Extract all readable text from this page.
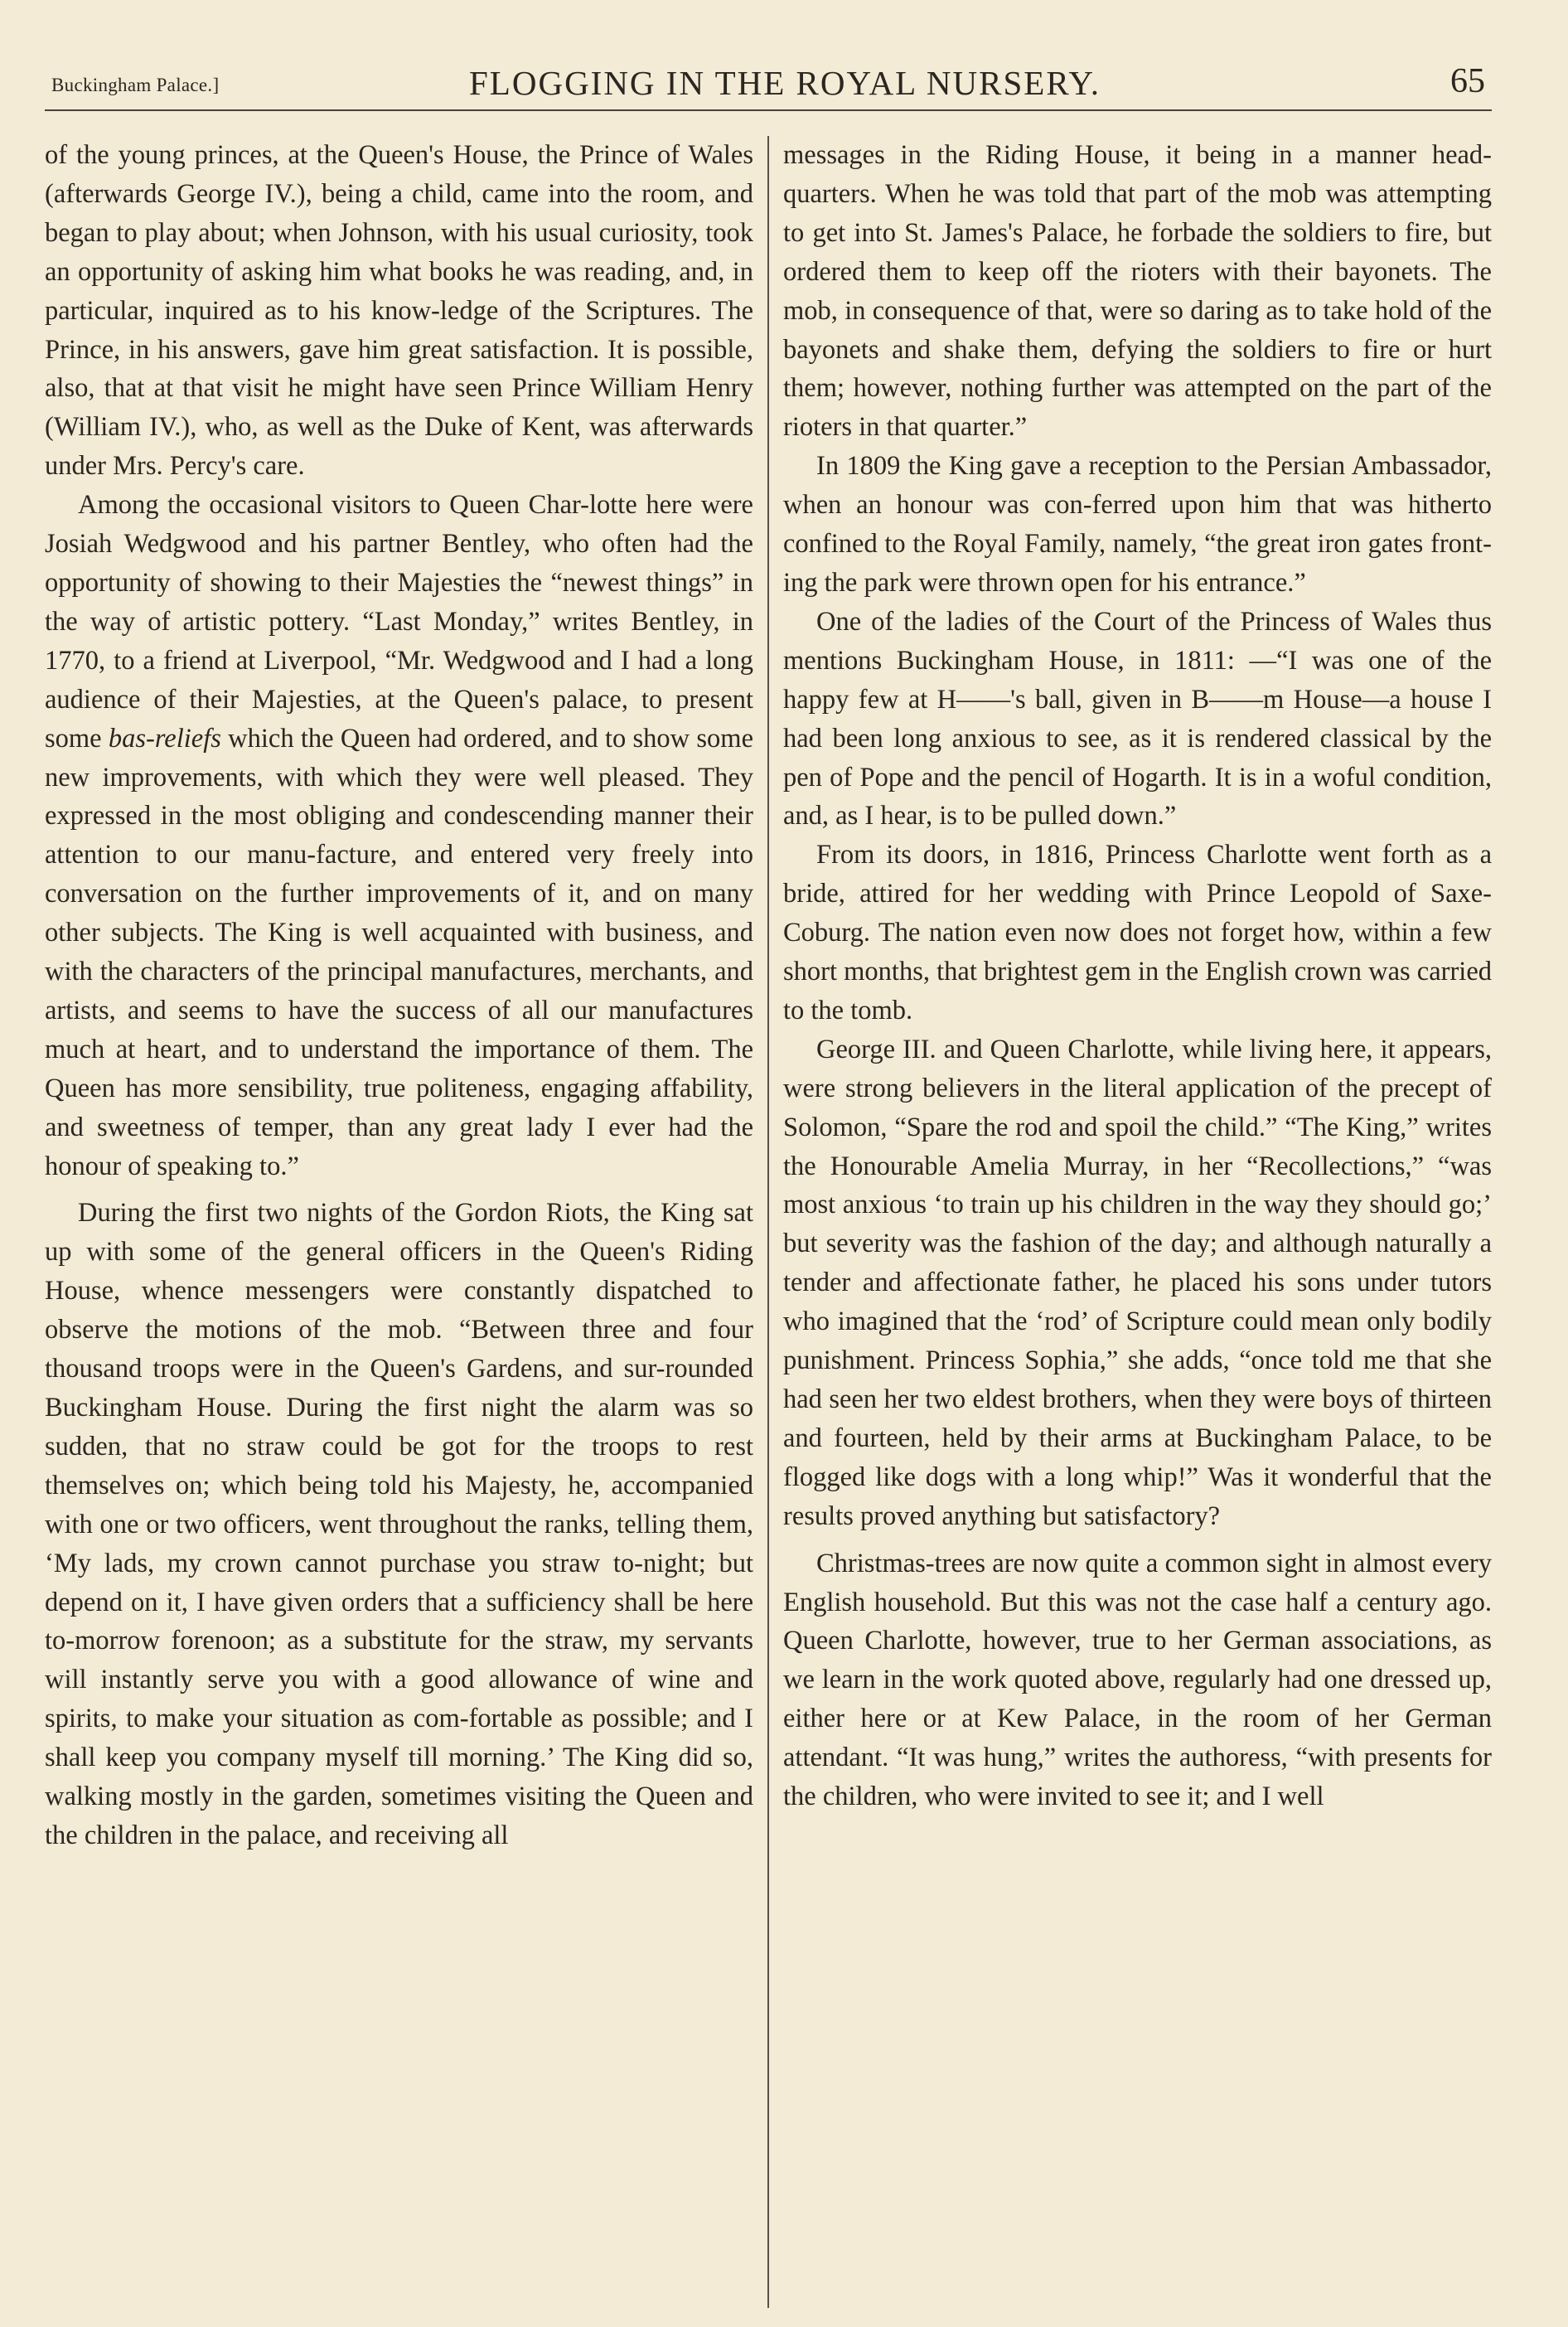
Buckingham Palace.]	FLOGGING IN THE ROYAL NURSERY.	65

of the young princes, at the Queen's House, the Prince of Wales (afterwards George IV.), being a child, came into the room, and began to play about; when Johnson, with his usual curiosity, took an opportunity of asking him what books he was reading, and, in particular, inquired as to his know-ledge of the Scriptures. The Prince, in his answers, gave him great satisfaction. It is possible, also, that at that visit he might have seen Prince William Henry (William IV.), who, as well as the Duke of Kent, was afterwards under Mrs. Percy's care.

Among the occasional visitors to Queen Char-lotte here were Josiah Wedgwood and his partner Bentley, who often had the opportunity of showing to their Majesties the “newest things” in the way of artistic pottery. “Last Monday,” writes Bentley, in 1770, to a friend at Liverpool, “Mr. Wedgwood and I had a long audience of their Majesties, at the Queen's palace, to present some bas-reliefs which the Queen had ordered, and to show some new improvements, with which they were well pleased. They expressed in the most obliging and condescending manner their attention to our manu-facture, and entered very freely into conversation on the further improvements of it, and on many other subjects. The King is well acquainted with business, and with the characters of the principal manufactures, merchants, and artists, and seems to have the success of all our manufactures much at heart, and to understand the importance of them. The Queen has more sensibility, true politeness, engaging affability, and sweetness of temper, than any great lady I ever had the honour of speaking to.”

During the first two nights of the Gordon Riots, the King sat up with some of the general officers in the Queen's Riding House, whence messengers were constantly dispatched to observe the motions of the mob. “Between three and four thousand troops were in the Queen's Gardens, and sur-rounded Buckingham House. During the first night the alarm was so sudden, that no straw could be got for the troops to rest themselves on; which being told his Majesty, he, accompanied with one or two officers, went throughout the ranks, telling them, ‘My lads, my crown cannot purchase you straw to-night; but depend on it, I have given orders that a sufficiency shall be here to-morrow forenoon; as a substitute for the straw, my servants will instantly serve you with a good allowance of wine and spirits, to make your situation as com-fortable as possible; and I shall keep you company myself till morning.’ The King did so, walking mostly in the garden, sometimes visiting the Queen and the children in the palace, and receiving all

messages in the Riding House, it being in a manner head-quarters. When he was told that part of the mob was attempting to get into St. James's Palace, he forbade the soldiers to fire, but ordered them to keep off the rioters with their bayonets. The mob, in consequence of that, were so daring as to take hold of the bayonets and shake them, defying the soldiers to fire or hurt them; however, nothing further was attempted on the part of the rioters in that quarter.”

In 1809 the King gave a reception to the Persian Ambassador, when an honour was con-ferred upon him that was hitherto confined to the Royal Family, namely, “the great iron gates front-ing the park were thrown open for his entrance.”

One of the ladies of the Court of the Princess of Wales thus mentions Buckingham House, in 1811: —“I was one of the happy few at H——'s ball, given in B——m House—a house I had been long anxious to see, as it is rendered classical by the pen of Pope and the pencil of Hogarth. It is in a woful condition, and, as I hear, is to be pulled down.”

From its doors, in 1816, Princess Charlotte went forth as a bride, attired for her wedding with Prince Leopold of Saxe-Coburg. The nation even now does not forget how, within a few short months, that brightest gem in the English crown was carried to the tomb.

George III. and Queen Charlotte, while living here, it appears, were strong believers in the literal application of the precept of Solomon, “Spare the rod and spoil the child.” “The King,” writes the Honourable Amelia Murray, in her “Recollections,” “was most anxious ‘to train up his children in the way they should go;’ but severity was the fashion of the day; and although naturally a tender and affectionate father, he placed his sons under tutors who imagined that the ‘rod’ of Scripture could mean only bodily punishment. Princess Sophia,” she adds, “once told me that she had seen her two eldest brothers, when they were boys of thirteen and fourteen, held by their arms at Buckingham Palace, to be flogged like dogs with a long whip!” Was it wonderful that the results proved anything but satisfactory?

Christmas-trees are now quite a common sight in almost every English household. But this was not the case half a century ago. Queen Charlotte, however, true to her German associations, as we learn in the work quoted above, regularly had one dressed up, either here or at Kew Palace, in the room of her German attendant. “It was hung,” writes the authoress, “with presents for the children, who were invited to see it; and I well
